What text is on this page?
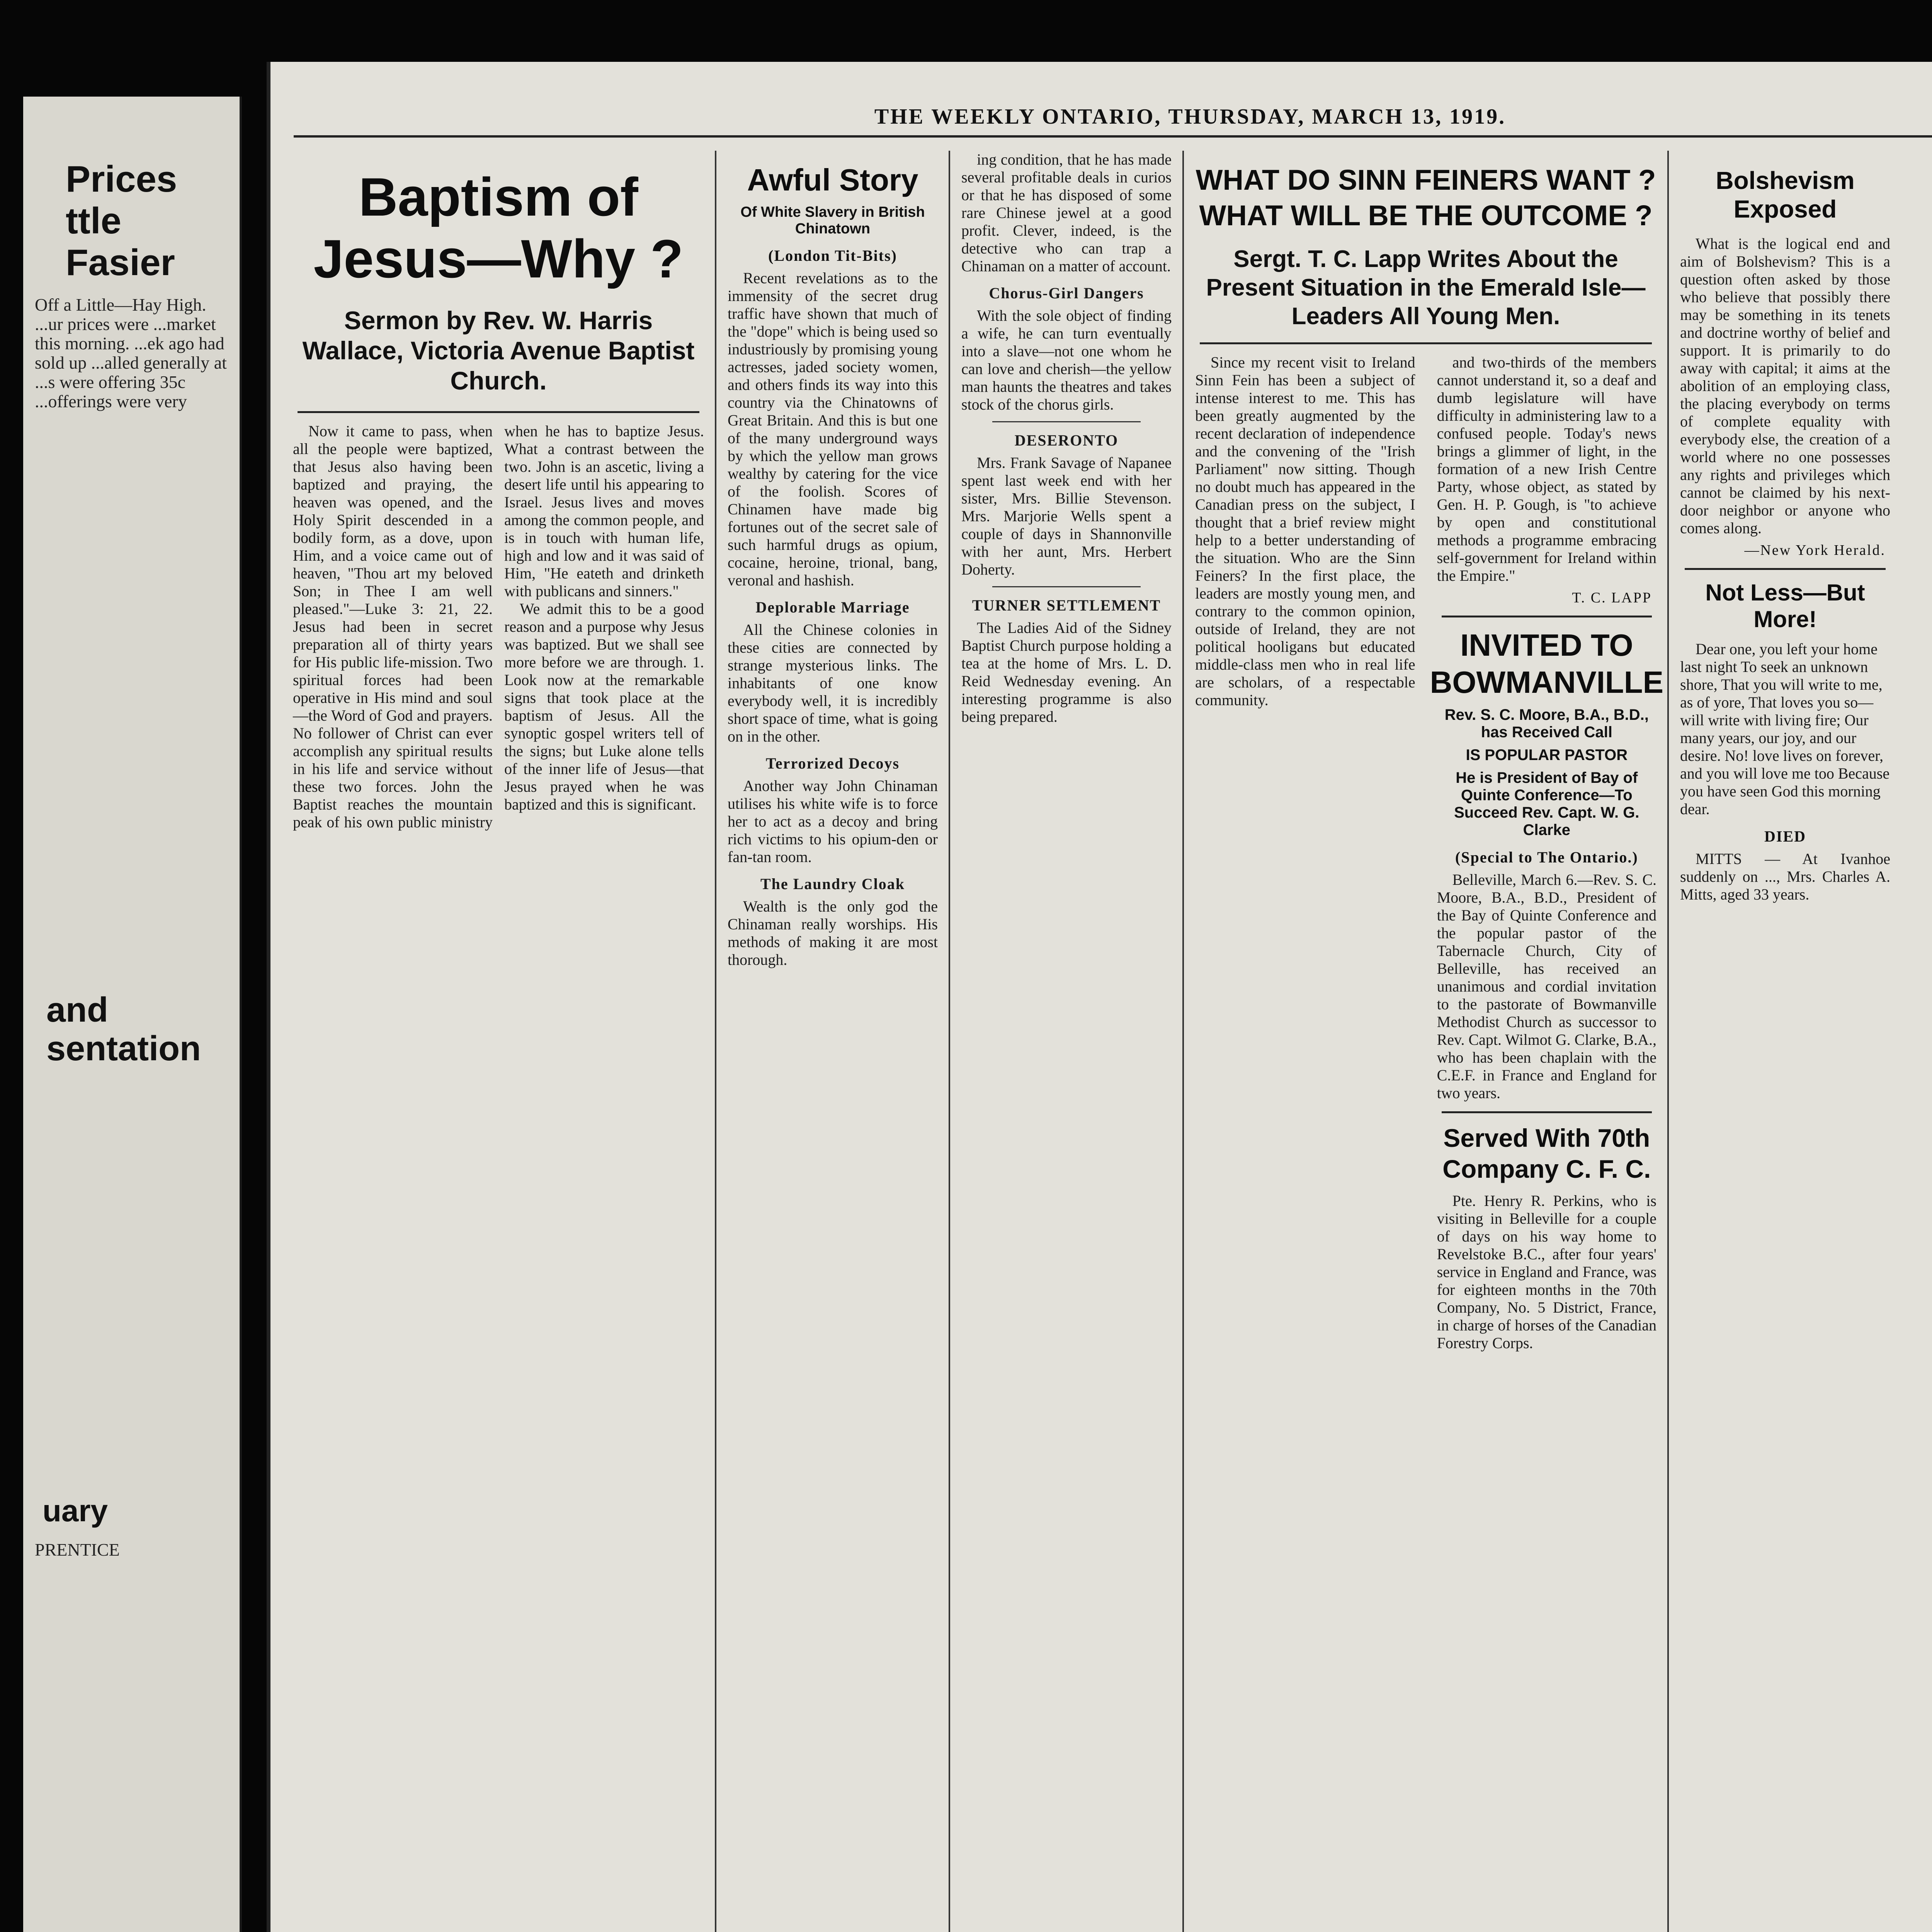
Prices
ttle Fasier
Off a Little—Hay High. ...ur prices were ...market this morning. ...ek ago had sold up ...alled generally at ...s were offering 35c ...offerings were very
and
sentation
uary
PRENTICE
THE WEEKLY ONTARIO, THURSDAY, MARCH 13, 1919.
Baptism of Jesus—Why ?
Sermon by Rev. W. Harris Wallace, Victoria Avenue Baptist Church.

Now it came to pass, when all the people were baptized, that Jesus also having been baptized and praying, the heaven was opened, and the Holy Spirit descended in a bodily form, as a dove, upon Him, and a voice came out of heaven, "Thou art my beloved Son; in Thee I am well pleased."—Luke 3: 21, 22. Jesus had been in secret preparation all of thirty years for His public life-mission. Two spiritual forces had been operative in His mind and soul—the Word of God and prayers. No follower of Christ can ever accomplish any spiritual results in his life and service without these two forces. John the Baptist reaches the mountain peak of his own public ministry when he has to baptize Jesus. What a contrast between the two. John is an ascetic, living a desert life until his appearing to Israel. Jesus lives and moves among the common people, and is in touch with human life, high and low and it was said of Him, "He eateth and drinketh with publicans and sinners."

We admit this to be a good reason and a purpose why Jesus was baptized. But we shall see more before we are through. 1. Look now at the remarkable signs that took place at the baptism of Jesus. All the synoptic gospel writers tell of the signs; but Luke alone tells of the inner life of Jesus—that Jesus prayed when he was baptized and this is significant.

Awful Story
Of White Slavery in British Chinatown
(London Tit-Bits)

Recent revelations as to the immensity of the secret drug traffic have shown that much of the "dope" which is being used so industriously by promising young actresses, jaded society women, and others finds its way into this country via the Chinatowns of Great Britain. And this is but one of the many underground ways by which the yellow man grows wealthy by catering for the vice of the foolish. Scores of Chinamen have made big fortunes out of the secret sale of such harmful drugs as opium, cocaine, heroine, trional, bang, veronal and hashish.

Deplorable Marriage

All the Chinese colonies in these cities are connected by strange mysterious links. The inhabitants of one know everybody well, it is incredibly short space of time, what is going on in the other.

Terrorized Decoys

Another way John Chinaman utilises his white wife is to force her to act as a decoy and bring rich victims to his opium-den or fan-tan room.

The Laundry Cloak

Wealth is the only god the Chinaman really worships. His methods of making it are most thorough.

ing condition, that he has made several profitable deals in curios or that he has disposed of some rare Chinese jewel at a good profit. Clever, indeed, is the detective who can trap a Chinaman on a matter of account.

Chorus-Girl Dangers

With the sole object of finding a wife, he can turn eventually into a slave—not one whom he can love and cherish—the yellow man haunts the theatres and takes stock of the chorus girls.

DESERONTO

Mrs. Frank Savage of Napanee spent last week end with her sister, Mrs. Billie Stevenson. Mrs. Marjorie Wells spent a couple of days in Shannonville with her aunt, Mrs. Herbert Doherty.

TURNER SETTLEMENT

The Ladies Aid of the Sidney Baptist Church purpose holding a tea at the home of Mrs. L. D. Reid Wednesday evening. An interesting programme is also being prepared.

WHAT DO SINN FEINERS WANT ? WHAT WILL BE THE OUTCOME ?
Sergt. T. C. Lapp Writes About the Present Situation in the Emerald Isle—Leaders All Young Men.

Since my recent visit to Ireland Sinn Fein has been a subject of intense interest to me. This has been greatly augmented by the recent declaration of independence and the convening of the "Irish Parliament" now sitting. Though no doubt much has appeared in the Canadian press on the subject, I thought that a brief review might help to a better understanding of the situation. Who are the Sinn Feiners? In the first place, the leaders are mostly young men, and contrary to the common opinion, outside of Ireland, they are not political hooligans but educated middle-class men who in real life are scholars, of a respectable community.

and two-thirds of the members cannot understand it, so a deaf and dumb legislature will have difficulty in administering law to a confused people. Today's news brings a glimmer of light, in the formation of a new Irish Centre Party, whose object, as stated by Gen. H. P. Gough, is "to achieve by open and constitutional methods a programme embracing self-government for Ireland within the Empire."

T. C. LAPP
INVITED TO BOWMANVILLE
Rev. S. C. Moore, B.A., B.D., has Received Call
IS POPULAR PASTOR
He is President of Bay of Quinte Conference—To Succeed Rev. Capt. W. G. Clarke
(Special to The Ontario.)

Belleville, March 6.—Rev. S. C. Moore, B.A., B.D., President of the Bay of Quinte Conference and the popular pastor of the Tabernacle Church, City of Belleville, has received an unanimous and cordial invitation to the pastorate of Bowmanville Methodist Church as successor to Rev. Capt. Wilmot G. Clarke, B.A., who has been chaplain with the C.E.F. in France and England for two years.

Served With 70th Company C. F. C.

Pte. Henry R. Perkins, who is visiting in Belleville for a couple of days on his way home to Revelstoke B.C., after four years' service in England and France, was for eighteen months in the 70th Company, No. 5 District, France, in charge of horses of the Canadian Forestry Corps.

Bolshevism Exposed

What is the logical end and aim of Bolshevism? This is a question often asked by those who believe that possibly there may be something in its tenets and doctrine worthy of belief and support. It is primarily to do away with capital; it aims at the abolition of an employing class, the placing everybody on terms of complete equality with everybody else, the creation of a world where no one possesses any rights and privileges which cannot be claimed by his next-door neighbor or anyone who comes along.

—New York Herald.
Not Less—But More!

Dear one, you left your home last night To seek an unknown shore, That you will write to me, as of yore, That loves you so—will write with living fire; Our many years, our joy, and our desire. No! love lives on forever, and you will love me too Because you have seen God this morning dear.

DIED

MITTS — At Ivanhoe suddenly on ..., Mrs. Charles A. Mitts, aged 33 years.
